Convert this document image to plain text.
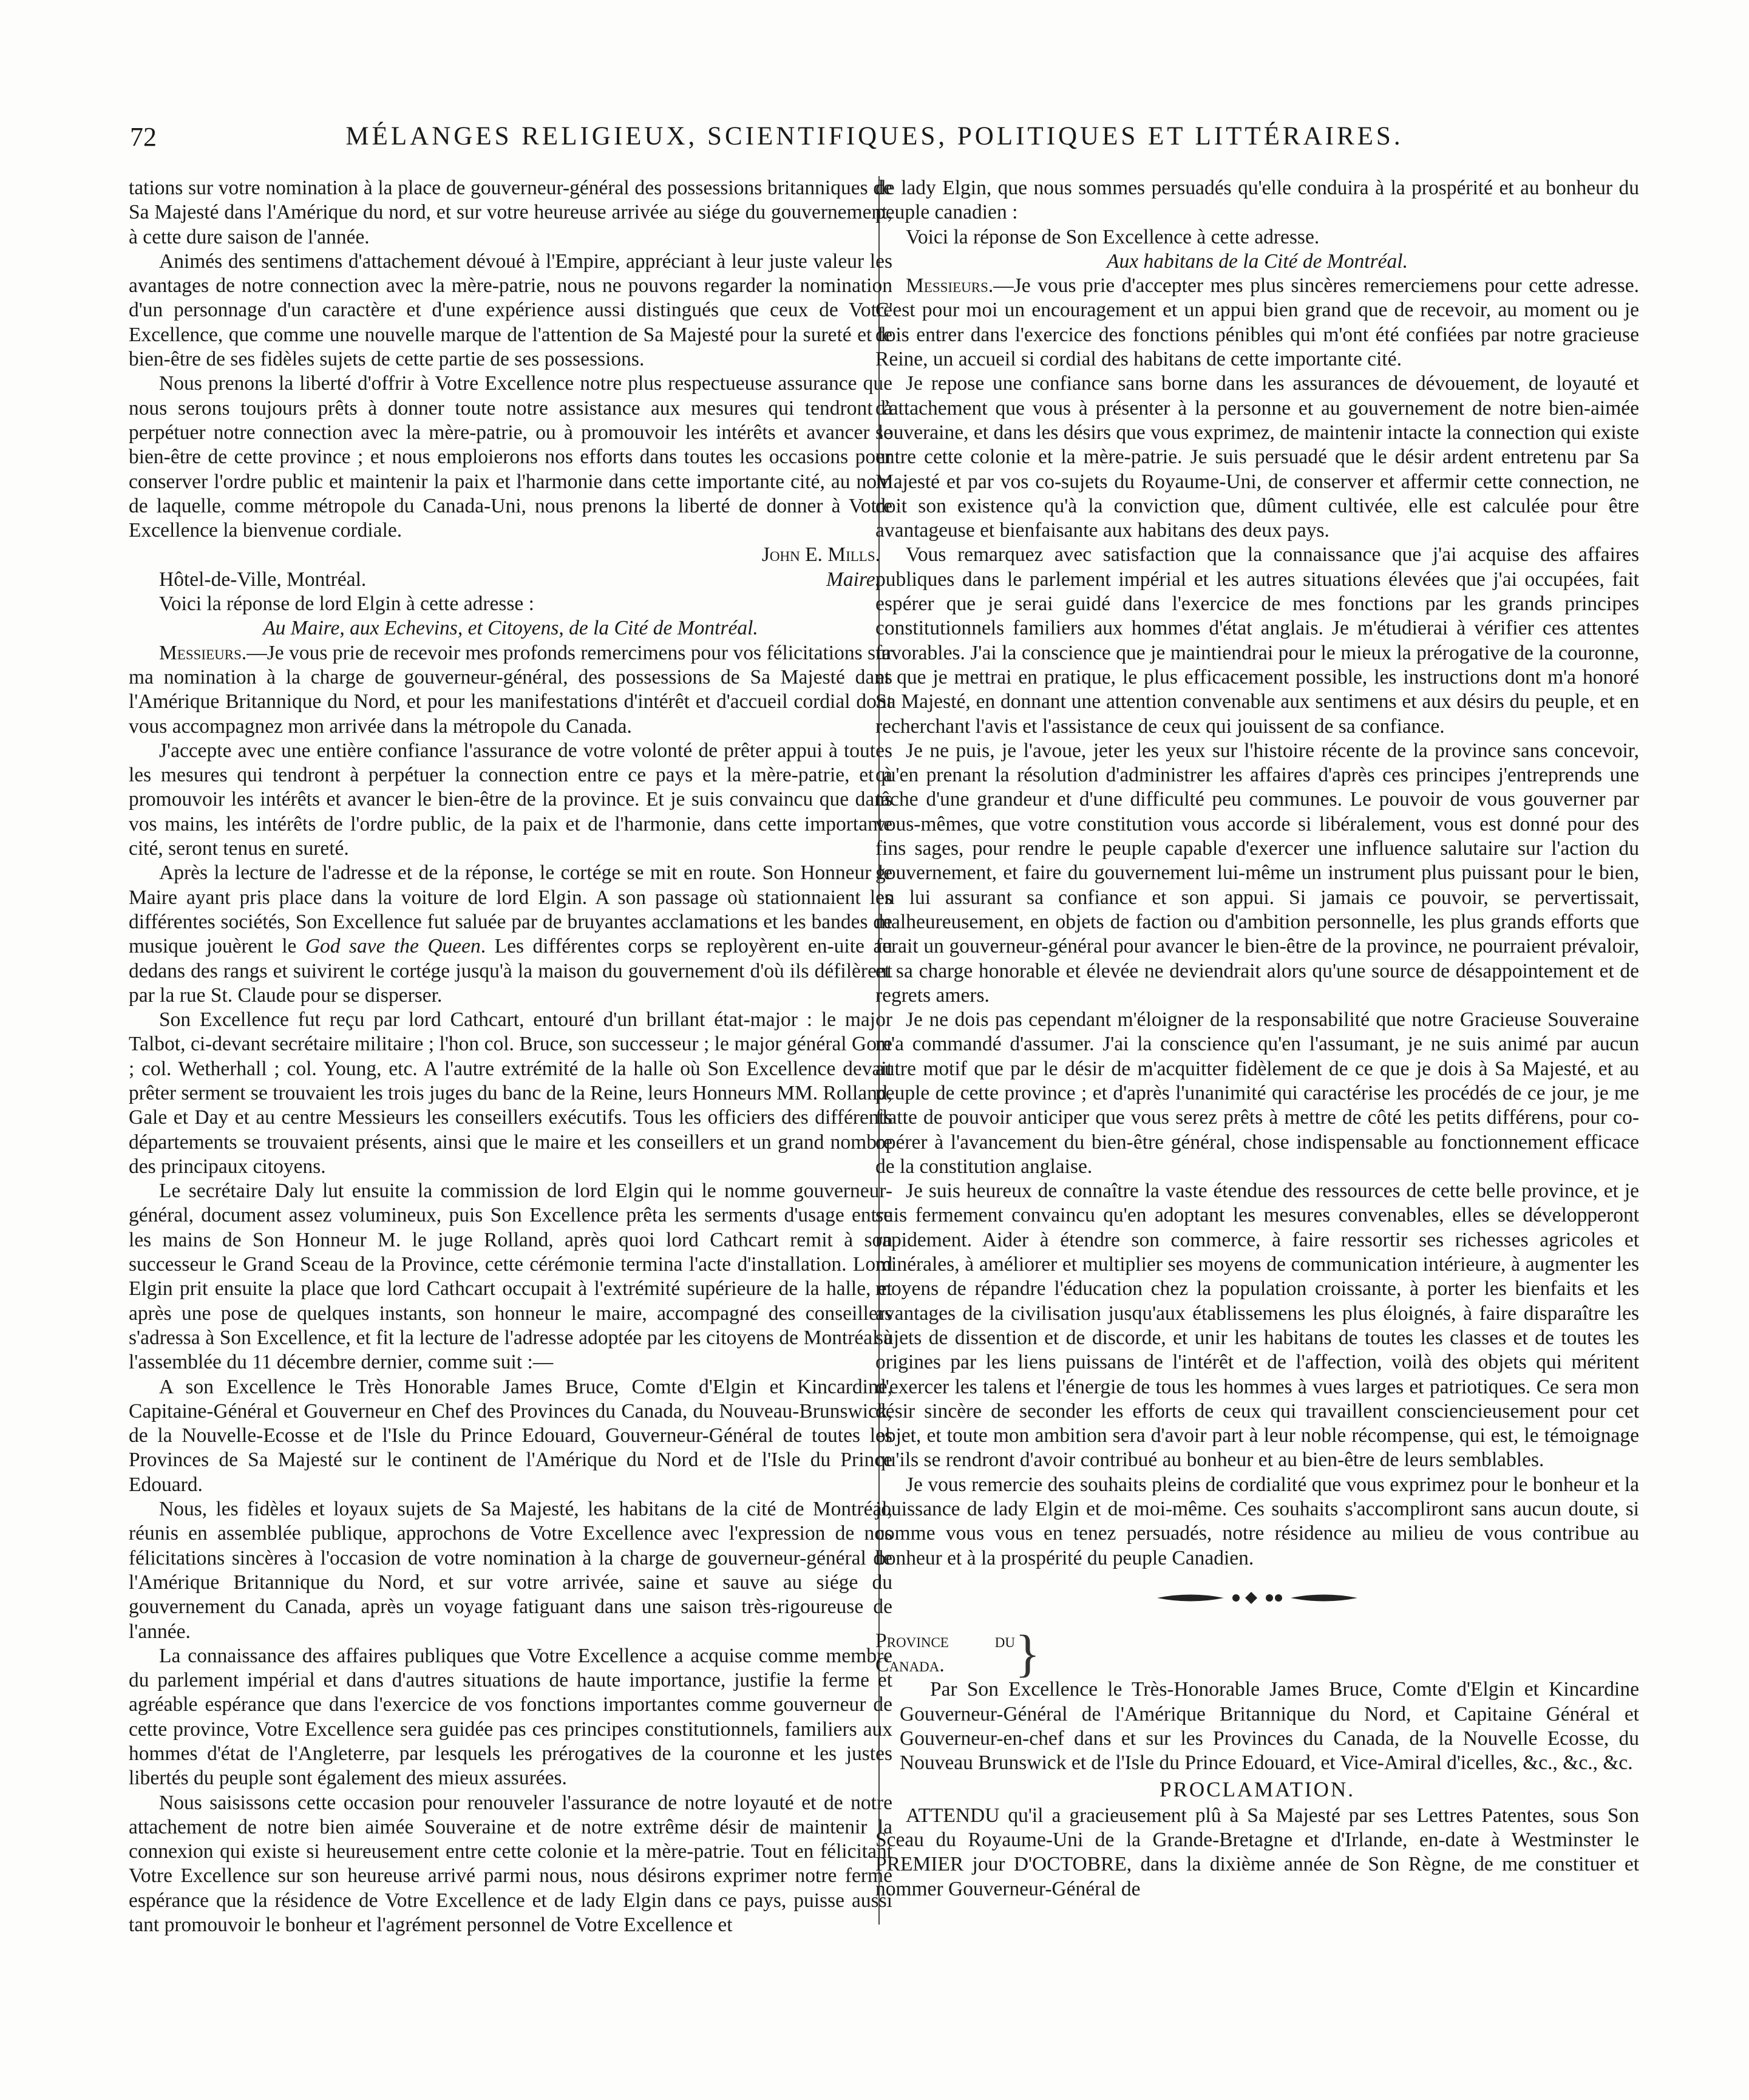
72	MÉLANGES RELIGIEUX, SCIENTIFIQUES, POLITIQUES ET LITTÉRAIRES.

tations sur votre nomination à la place de gouverneur-général des possessions britanniques de Sa Majesté dans l'Amérique du nord, et sur votre heureuse arrivée au siége du gouvernement, à cette dure saison de l'année.

Animés des sentimens d'attachement dévoué à l'Empire, appréciant à leur juste valeur les avantages de notre connection avec la mère-patrie, nous ne pouvons regarder la nomination d'un personnage d'un caractère et d'une expérience aussi distingués que ceux de Votre Excellence, que comme une nouvelle marque de l'attention de Sa Majesté pour la sureté et le bien-être de ses fidèles sujets de cette partie de ses possessions.

Nous prenons la liberté d'offrir à Votre Excellence notre plus respectueuse assurance que nous serons toujours prêts à donner toute notre assistance aux mesures qui tendront à perpétuer notre connection avec la mère-patrie, ou à promouvoir les intérêts et avancer le bien-être de cette province ; et nous emploierons nos efforts dans toutes les occasions pour conserver l'ordre public et maintenir la paix et l'harmonie dans cette importante cité, au nom de laquelle, comme métropole du Canada-Uni, nous prenons la liberté de donner à Votre Excellence la bienvenue cordiale.

John E. Mills.
Hôtel-de-Ville, Montréal.	Maire.

Voici la réponse de lord Elgin à cette adresse :

Au Maire, aux Echevins, et Citoyens, de la Cité de Montréal.

Messieurs.—Je vous prie de recevoir mes profonds remercimens pour vos félicitations sur ma nomination à la charge de gouverneur-général, des possessions de Sa Majesté dans l'Amérique Britannique du Nord, et pour les manifestations d'intérêt et d'accueil cordial dont vous accompagnez mon arrivée dans la métropole du Canada.

J'accepte avec une entière confiance l'assurance de votre volonté de prêter appui à toutes les mesures qui tendront à perpétuer la connection entre ce pays et la mère-patrie, et à promouvoir les intérêts et avancer le bien-être de la province. Et je suis convaincu que dans vos mains, les intérêts de l'ordre public, de la paix et de l'harmonie, dans cette importante cité, seront tenus en sureté.

Après la lecture de l'adresse et de la réponse, le cortége se mit en route. Son Honneur le Maire ayant pris place dans la voiture de lord Elgin. A son passage où stationnaient les différentes sociétés, Son Excellence fut saluée par de bruyantes acclamations et les bandes de musique jouèrent le God save the Queen. Les différentes corps se reployèrent en-uite au dedans des rangs et suivirent le cortége jusqu'à la maison du gouvernement d'où ils défilèrent par la rue St. Claude pour se disperser.

Son Excellence fut reçu par lord Cathcart, entouré d'un brillant état-major : le major Talbot, ci-devant secrétaire militaire ; l'hon col. Bruce, son successeur ; le major général Gore ; col. Wetherhall ; col. Young, etc. A l'autre extrémité de la halle où Son Excellence devait prêter serment se trouvaient les trois juges du banc de la Reine, leurs Honneurs MM. Rolland, Gale et Day et au centre Messieurs les conseillers exécutifs. Tous les officiers des différents départements se trouvaient présents, ainsi que le maire et les conseillers et un grand nombre des principaux citoyens.

Le secrétaire Daly lut ensuite la commission de lord Elgin qui le nomme gouverneur-général, document assez volumineux, puis Son Excellence prêta les serments d'usage entre les mains de Son Honneur M. le juge Rolland, après quoi lord Cathcart remit à son successeur le Grand Sceau de la Province, cette cérémonie termina l'acte d'installation. Lord Elgin prit ensuite la place que lord Cathcart occupait à l'extrémité supérieure de la halle, et après une pose de quelques instants, son honneur le maire, accompagné des conseillers s'adressa à Son Excellence, et fit la lecture de l'adresse adoptée par les citoyens de Montréal à l'assemblée du 11 décembre dernier, comme suit :—

A son Excellence le Très Honorable James Bruce, Comte d'Elgin et Kincardine, Capitaine-Général et Gouverneur en Chef des Provinces du Canada, du Nouveau-Brunswick, de la Nouvelle-Ecosse et de l'Isle du Prince Edouard, Gouverneur-Général de toutes les Provinces de Sa Majesté sur le continent de l'Amérique du Nord et de l'Isle du Prince Edouard.

Nous, les fidèles et loyaux sujets de Sa Majesté, les habitans de la cité de Montréal, réunis en assemblée publique, approchons de Votre Excellence avec l'expression de nos félicitations sincères à l'occasion de votre nomination à la charge de gouverneur-général de l'Amérique Britannique du Nord, et sur votre arrivée, saine et sauve au siége du gouvernement du Canada, après un voyage fatiguant dans une saison très-rigoureuse de l'année.

La connaissance des affaires publiques que Votre Excellence a acquise comme membre du parlement impérial et dans d'autres situations de haute importance, justifie la ferme et agréable espérance que dans l'exercice de vos fonctions importantes comme gouverneur de cette province, Votre Excellence sera guidée pas ces principes constitutionnels, familiers aux hommes d'état de l'Angleterre, par lesquels les prérogatives de la couronne et les justes libertés du peuple sont également des mieux assurées.

Nous saisissons cette occasion pour renouveler l'assurance de notre loyauté et de notre attachement de notre bien aimée Souveraine et de notre extrême désir de maintenir la connexion qui existe si heureusement entre cette colonie et la mère-patrie. Tout en félicitant Votre Excellence sur son heureuse arrivé parmi nous, nous désirons exprimer notre ferme espérance que la résidence de Votre Excellence et de lady Elgin dans ce pays, puisse aussi tant promouvoir le bonheur et l'agrément personnel de Votre Excellence et

de lady Elgin, que nous sommes persuadés qu'elle conduira à la prospérité et au bonheur du peuple canadien :

Voici la réponse de Son Excellence à cette adresse.

Aux habitans de la Cité de Montréal.

Messieurs.—Je vous prie d'accepter mes plus sincères remerciemens pour cette adresse. C'est pour moi un encouragement et un appui bien grand que de recevoir, au moment ou je dois entrer dans l'exercice des fonctions pénibles qui m'ont été confiées par notre gracieuse Reine, un accueil si cordial des habitans de cette importante cité.

Je repose une confiance sans borne dans les assurances de dévouement, de loyauté et d'attachement que vous à présenter à la personne et au gouvernement de notre bien-aimée souveraine, et dans les désirs que vous exprimez, de maintenir intacte la connection qui existe entre cette colonie et la mère-patrie. Je suis persuadé que le désir ardent entretenu par Sa Majesté et par vos co-sujets du Royaume-Uni, de conserver et affermir cette connection, ne doit son existence qu'à la conviction que, dûment cultivée, elle est calculée pour être avantageuse et bienfaisante aux habitans des deux pays.

Vous remarquez avec satisfaction que la connaissance que j'ai acquise des affaires publiques dans le parlement impérial et les autres situations élevées que j'ai occupées, fait espérer que je serai guidé dans l'exercice de mes fonctions par les grands principes constitutionnels familiers aux hommes d'état anglais. Je m'étudierai à vérifier ces attentes favorables. J'ai la conscience que je maintiendrai pour le mieux la prérogative de la couronne, et que je mettrai en pratique, le plus efficacement possible, les instructions dont m'a honoré Sa Majesté, en donnant une attention convenable aux sentimens et aux désirs du peuple, et en recherchant l'avis et l'assistance de ceux qui jouissent de sa confiance.

Je ne puis, je l'avoue, jeter les yeux sur l'histoire récente de la province sans concevoir, qu'en prenant la résolution d'administrer les affaires d'après ces principes j'entreprends une tâche d'une grandeur et d'une difficulté peu communes. Le pouvoir de vous gouverner par vous-mêmes, que votre constitution vous accorde si libéralement, vous est donné pour des fins sages, pour rendre le peuple capable d'exercer une influence salutaire sur l'action du gouvernement, et faire du gouvernement lui-même un instrument plus puissant pour le bien, en lui assurant sa confiance et son appui. Si jamais ce pouvoir, se pervertissait, malheureusement, en objets de faction ou d'ambition personnelle, les plus grands efforts que ferait un gouverneur-général pour avancer le bien-être de la province, ne pourraient prévaloir, et sa charge honorable et élevée ne deviendrait alors qu'une source de désappointement et de regrets amers.

Je ne dois pas cependant m'éloigner de la responsabilité que notre Gracieuse Souveraine m'a commandé d'assumer. J'ai la conscience qu'en l'assumant, je ne suis animé par aucun autre motif que par le désir de m'acquitter fidèlement de ce que je dois à Sa Majesté, et au peuple de cette province ; et d'après l'unanimité qui caractérise les procédés de ce jour, je me flatte de pouvoir anticiper que vous serez prêts à mettre de côté les petits différens, pour co-opérer à l'avancement du bien-être général, chose indispensable au fonctionnement efficace de la constitution anglaise.

Je suis heureux de connaître la vaste étendue des ressources de cette belle province, et je suis fermement convaincu qu'en adoptant les mesures convenables, elles se développeront rapidement. Aider à étendre son commerce, à faire ressortir ses richesses agricoles et minérales, à améliorer et multiplier ses moyens de communication intérieure, à augmenter les moyens de répandre l'éducation chez la population croissante, à porter les bienfaits et les avantages de la civilisation jusqu'aux établissemens les plus éloignés, à faire disparaître les sujets de dissention et de discorde, et unir les habitans de toutes les classes et de toutes les origines par les liens puissans de l'intérêt et de l'affection, voilà des objets qui méritent d'exercer les talens et l'énergie de tous les hommes à vues larges et patriotiques. Ce sera mon désir sincère de seconder les efforts de ceux qui travaillent consciencieusement pour cet objet, et toute mon ambition sera d'avoir part à leur noble récompense, qui est, le témoignage qu'ils se rendront d'avoir contribué au bonheur et au bien-être de leurs semblables.

Je vous remercie des souhaits pleins de cordialité que vous exprimez pour le bonheur et la jouissance de lady Elgin et de moi-même. Ces souhaits s'accompliront sans aucun doute, si comme vous vous en tenez persuadés, notre résidence au milieu de vous contribue au bonheur et à la prospérité du peuple Canadien.

Province du Canada.	}

Par Son Excellence le Très-Honorable James Bruce, Comte d'Elgin et Kincardine Gouverneur-Général de l'Amérique Britannique du Nord, et Capitaine Général et Gouverneur-en-chef dans et sur les Provinces du Canada, de la Nouvelle Ecosse, du Nouveau Brunswick et de l'Isle du Prince Edouard, et Vice-Amiral d'icelles, &c., &c., &c.

PROCLAMATION.

ATTENDU qu'il a gracieusement plû à Sa Majesté par ses Lettres Patentes, sous Son Sceau du Royaume-Uni de la Grande-Bretagne et d'Irlande, en-date à Westminster le PREMIER jour D'OCTOBRE, dans la dixième année de Son Règne, de me constituer et nommer Gouverneur-Général de
